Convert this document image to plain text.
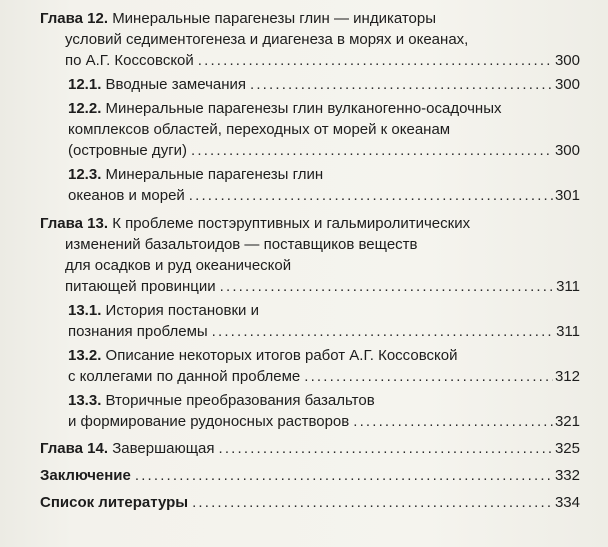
Глава 12. Минеральные парагенезы глин — индикаторы
условий седиментогенеза и диагенеза в морях и океанах,
по А.Г. Коссовской . . .	300
12.1. Вводные замечания . . .	300
12.2. Минеральные парагенезы глин вулканогенно-осадочных
комплексов областей, переходных от морей к океанам
(островные дуги) . . .	300
12.3. Минеральные парагенезы глин
океанов и морей . . .	301
Глава 13. К проблеме постэруптивных и гальмиролитических
изменений базальтоидов — поставщиков веществ
для осадков и руд океанической
питающей провинции . . .	311
13.1. История постановки и
познания проблемы . . .	311
13.2. Описание некоторых итогов работ А.Г. Коссовской
с коллегами по данной проблеме . . .	312
13.3. Вторичные преобразования базальтов
и формирование рудоносных растворов . . .	321
Глава 14. Завершающая . . .	325
Заключение . . .	332
Список литературы . . .	334
